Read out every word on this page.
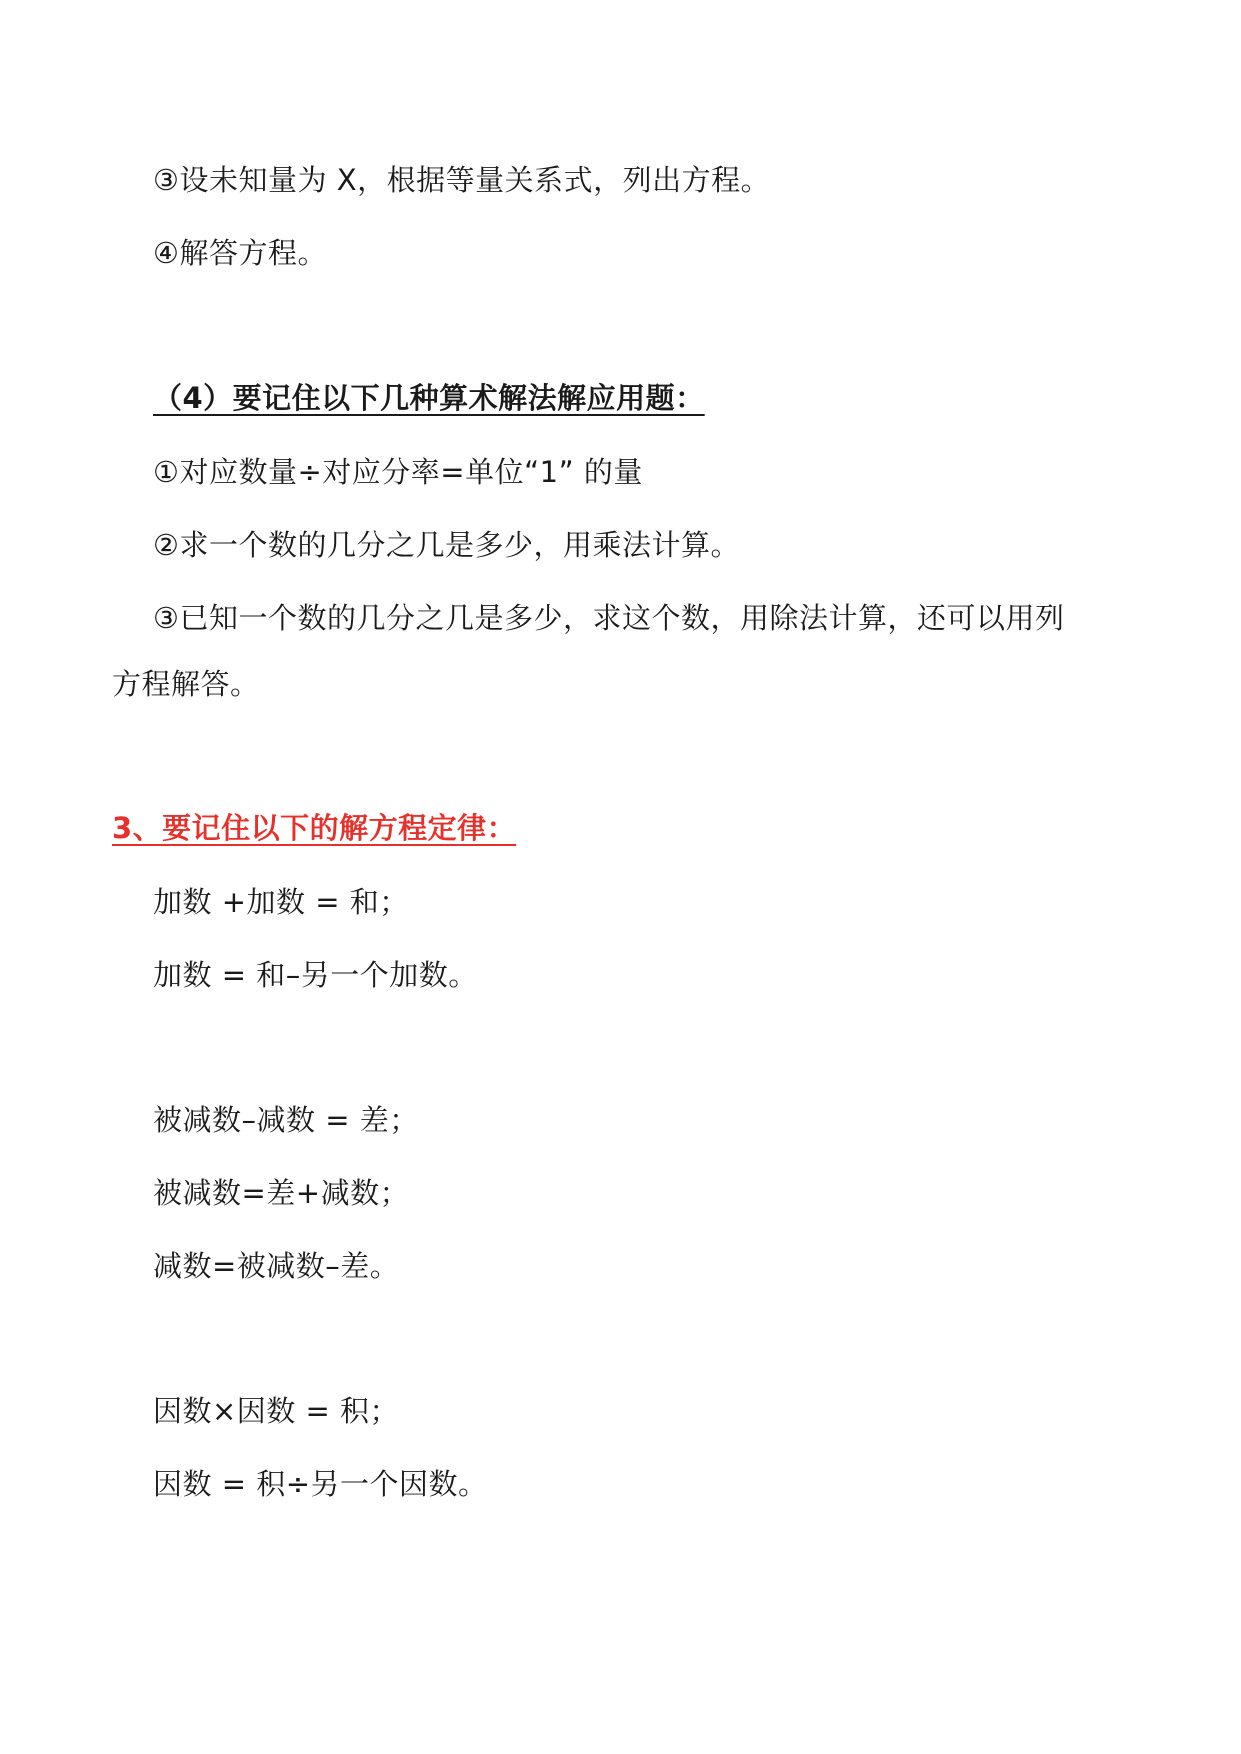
③设未知量为 X，根据等量关系式，列出方程。
④解答方程。
（4）要记住以下几种算术解法解应用题：
①对应数量÷对应分率=单位“1” 的量
②求一个数的几分之几是多少，用乘法计算。
③已知一个数的几分之几是多少，求这个数，用除法计算，还可以用列
方程解答。
3、要记住以下的解方程定律：
加数 +加数 = 和；
加数 = 和–另一个加数。
被减数–减数 = 差；
被减数=差+减数；
减数=被减数–差。
因数×因数 = 积；
因数 = 积÷另一个因数。
